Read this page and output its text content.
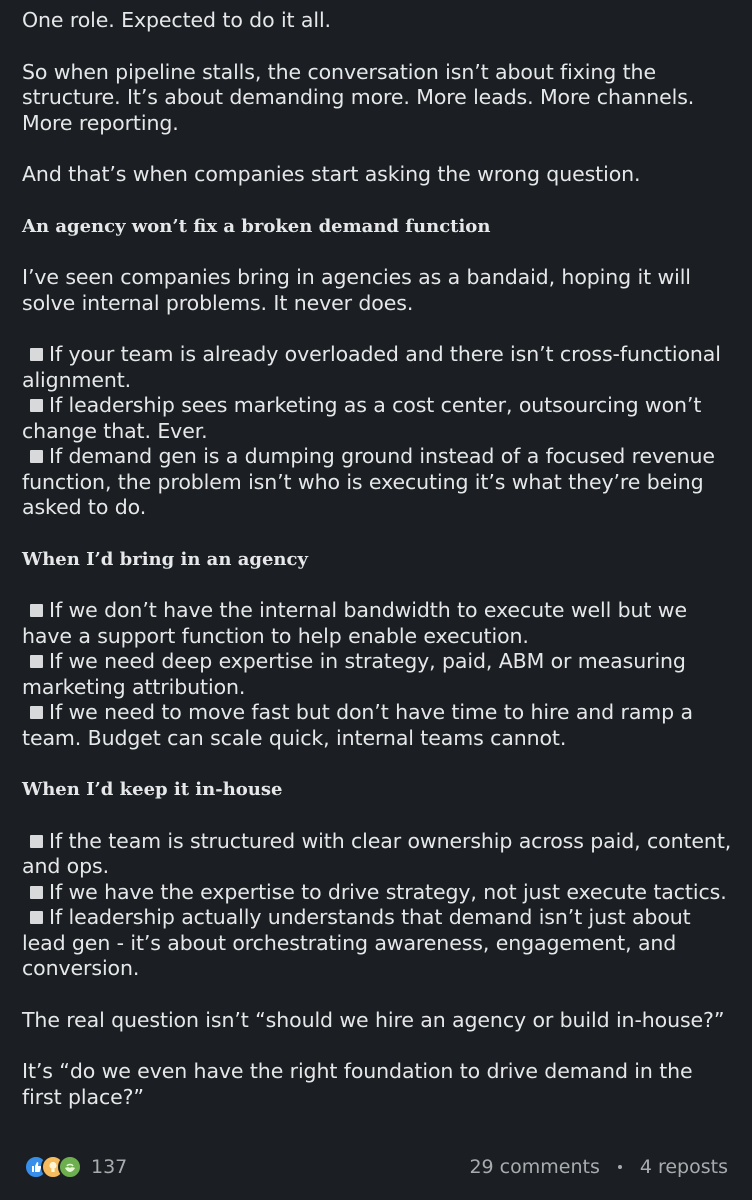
One role. Expected to do it all.

So when pipeline stalls, the conversation isn’t about fixing the structure. It’s about demanding more. More leads. More channels. More reporting.

And that’s when companies start asking the wrong question.

An agency won’t fix a broken demand function

I’ve seen companies bring in agencies as a bandaid, hoping it will solve internal problems. It never does.

If your team is already overloaded and there isn’t cross-functional alignment.

If leadership sees marketing as a cost center, outsourcing won’t change that. Ever.

If demand gen is a dumping ground instead of a focused revenue function, the problem isn’t who is executing it’s what they’re being asked to do.

When I’d bring in an agency

If we don’t have the internal bandwidth to execute well but we have a support function to help enable execution.

If we need deep expertise in strategy, paid, ABM or measuring marketing attribution.

If we need to move fast but don’t have time to hire and ramp a team. Budget can scale quick, internal teams cannot.

When I’d keep it in-house

If the team is structured with clear ownership across paid, content, and ops.

If we have the expertise to drive strategy, not just execute tactics.

If leadership actually understands that demand isn’t just about lead gen - it’s about orchestrating awareness, engagement, and conversion.

The real question isn’t “should we hire an agency or build in-house?”

It’s “do we even have the right foundation to drive demand in the first place?”

137	29 comments 4 reposts
